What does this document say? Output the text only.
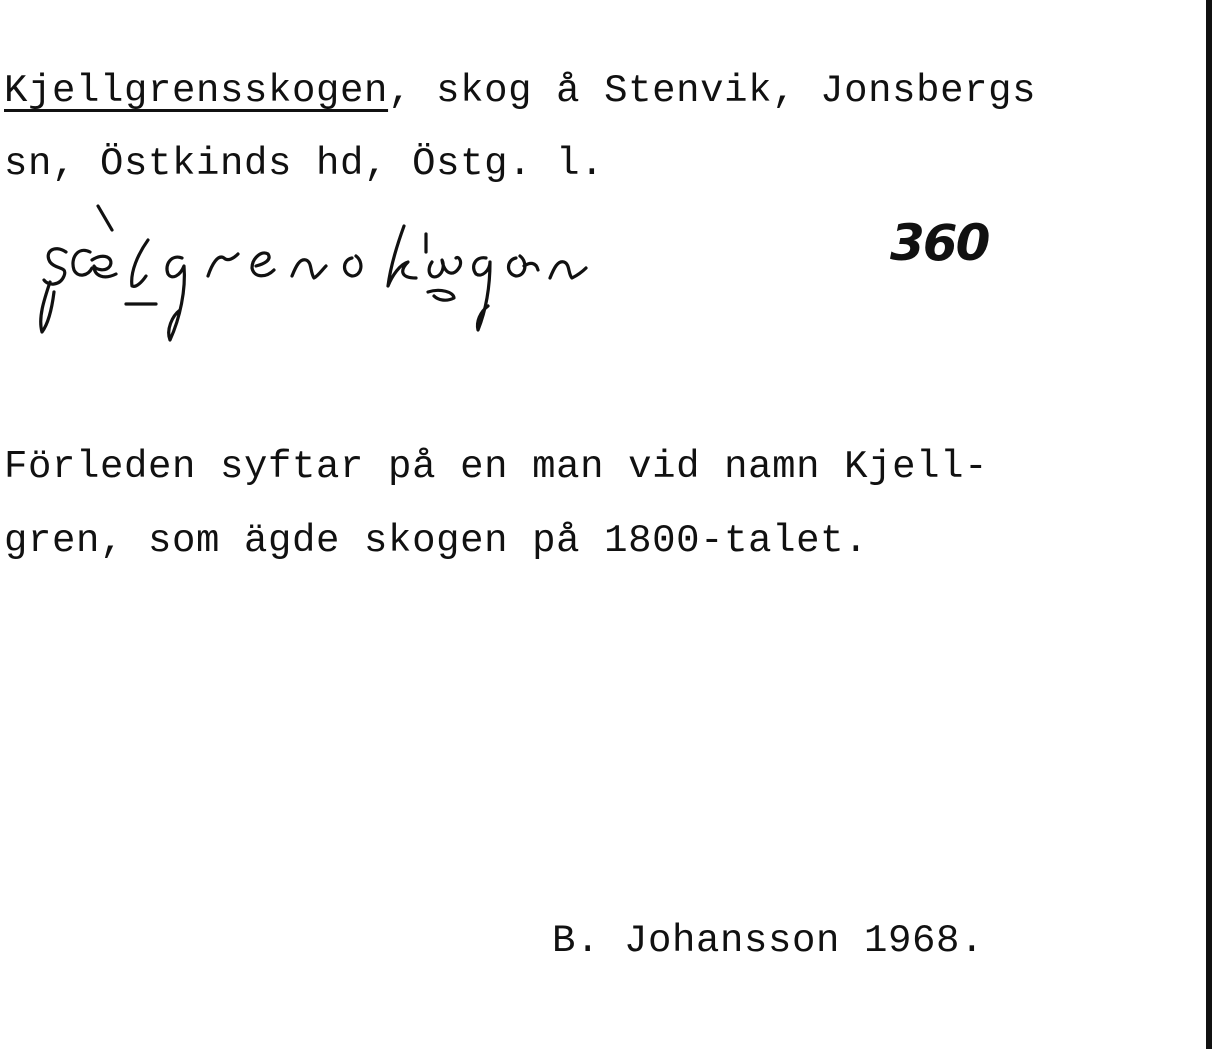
Kjellgrensskogen, skog å Stenvik, Jonsbergs
sn, Östkinds hd, Östg. l.
360
Förleden syftar på en man vid namn Kjell-
gren, som ägde skogen på 1800-talet.
B. Johansson 1968.
